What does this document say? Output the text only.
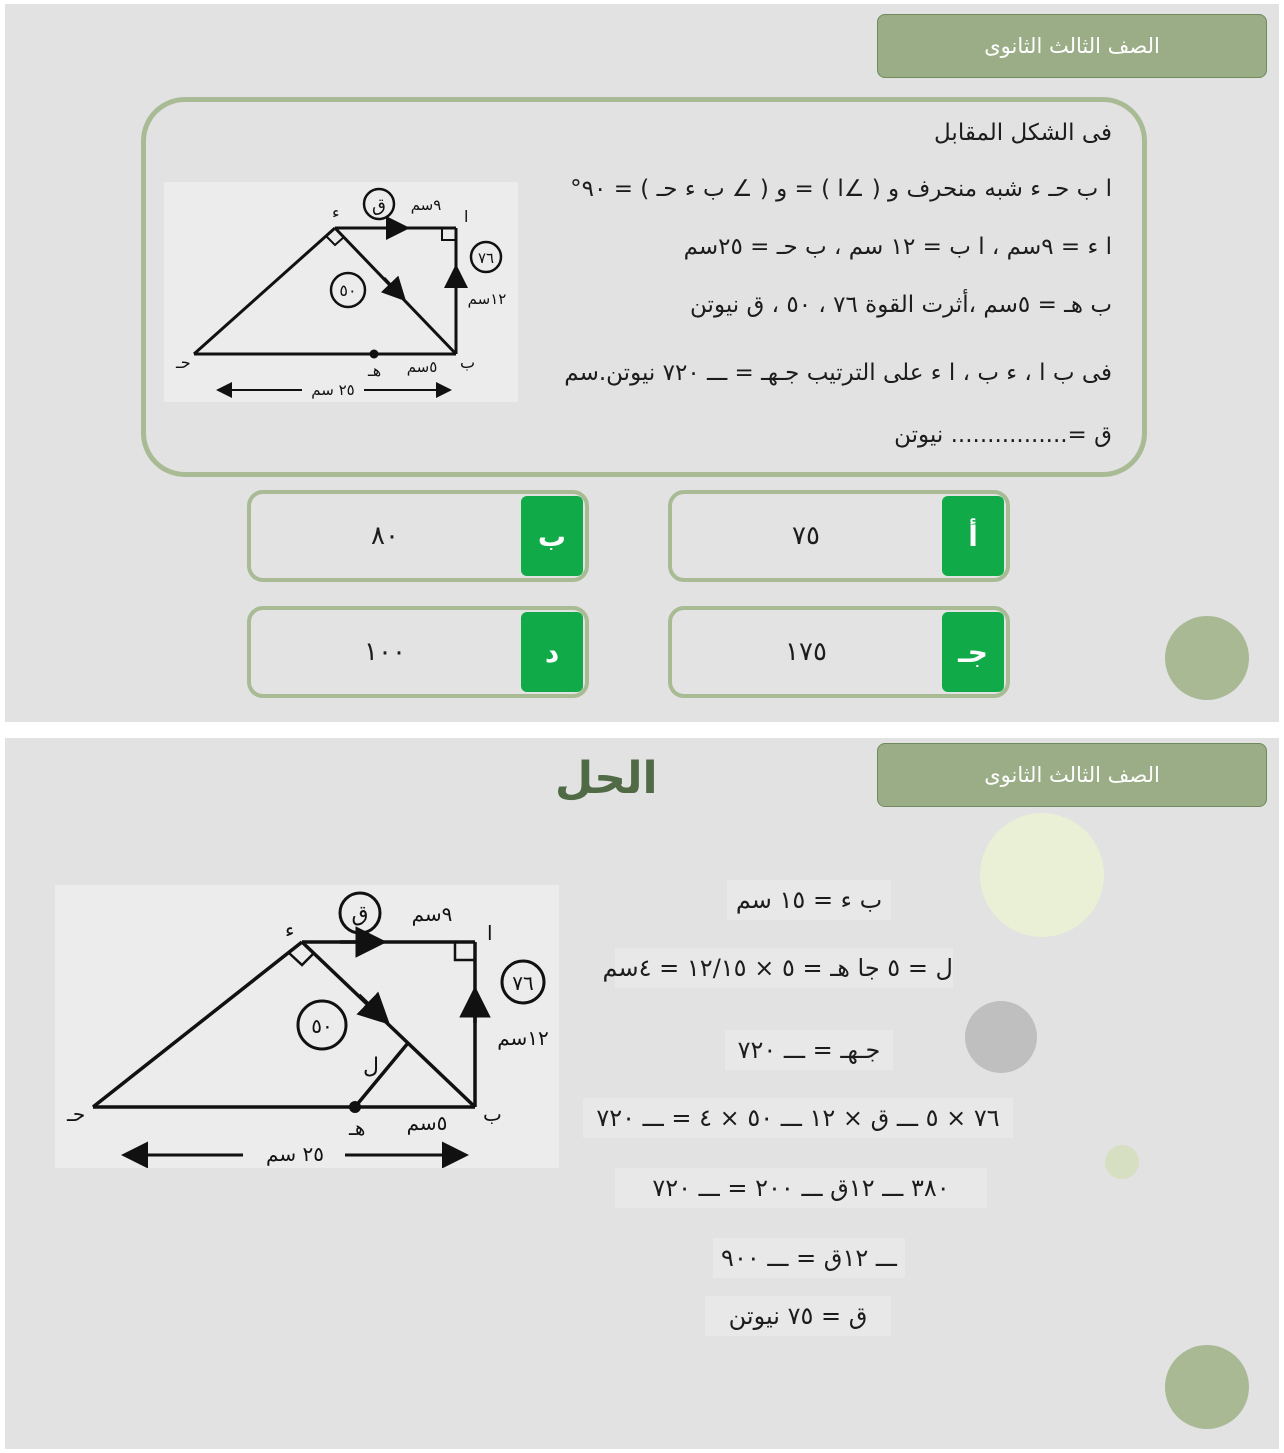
الصف الثالث الثانوى
فى الشكل المقابل
ا ب حـ ء شبه منحرف و ( ∠ا ) = و ( ∠ ب ء حـ ) = ٩٠°
ا ء = ٩سم ، ا ب = ١٢ سم ، ب حـ = ٢٥سم
ب هـ = ٥سم ،أثرت القوة ٧٦ ، ٥٠ ، ق نيوتن
فى ب ا ، ء ب ، ا ء على الترتيب جـهـ = ـــ ٧٢٠ نيوتن.سم
ق =................ نيوتن
ق
٧٦
٥٠
٩سم
١٢سم
٥سم
٢٥ سم
ا
ء
حـ	ب
هـ
أ
٧٥
ب
٨٠
جـ
١٧٥
د
١٠٠
الصف الثالث الثانوى
الحل
ق
٧٦
٥٠
٩سم
١٢سم
٥سم
٢٥ سم
ا
ء
حـ	ب
هـ
ل
ب ء = ١٥ سم
ل = ٥ جا هـ = ٥ × ١٢/١٥ = ٤سم
جـهـ = ـــ ٧٢٠
٧٦ × ٥ ـــ ق × ١٢ ـــ ٥٠ × ٤ = ـــ ٧٢٠
٣٨٠ ـــ ١٢ق ـــ ٢٠٠ = ـــ ٧٢٠
ـــ ١٢ق = ـــ ٩٠٠
ق = ٧٥ نيوتن
